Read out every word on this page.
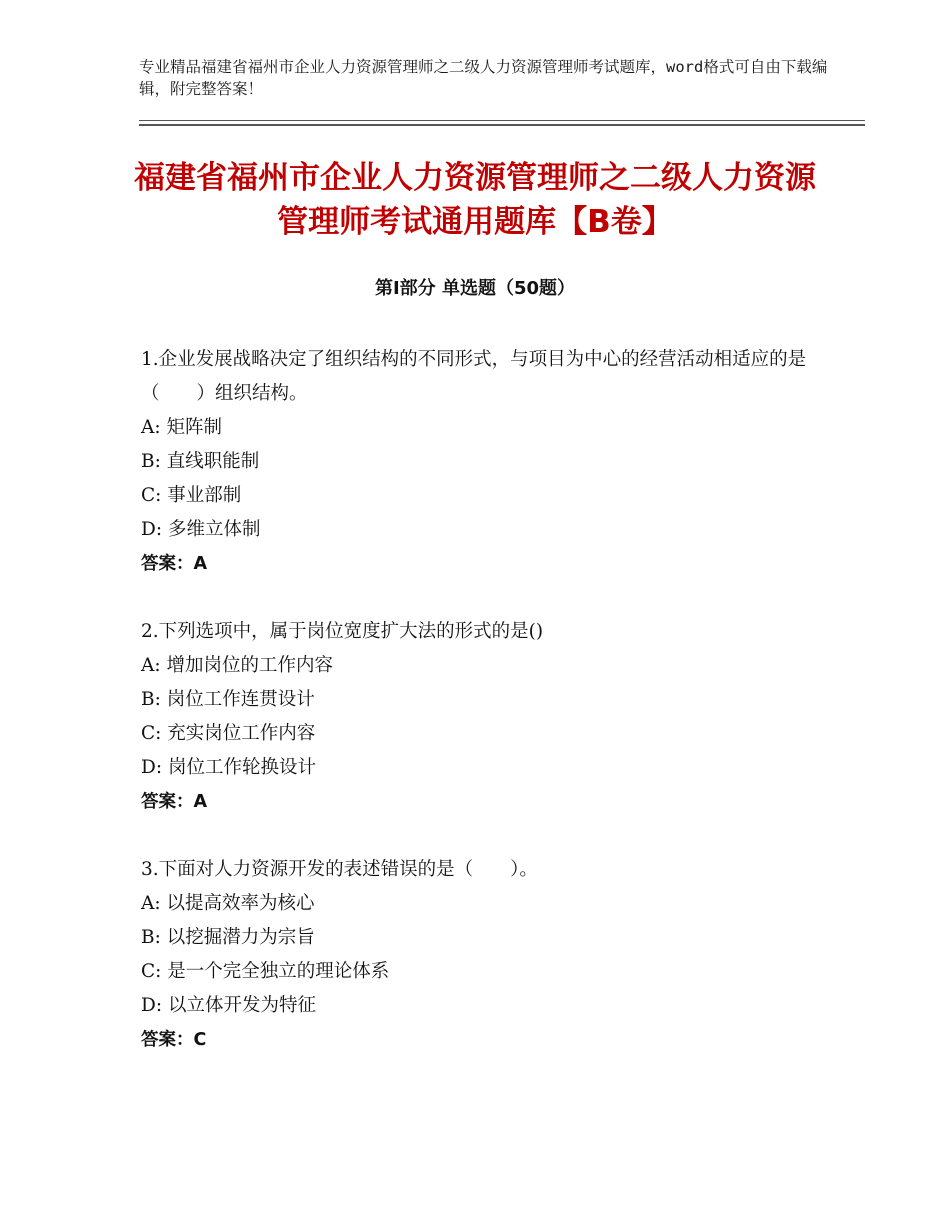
专业精品福建省福州市企业人力资源管理师之二级人力资源管理师考试题库，word格式可自由下载编辑，附完整答案！
福建省福州市企业人力资源管理师之二级人力资源管理师考试通用题库【B卷】
第Ⅰ部分 单选题（50题）

1.企业发展战略决定了组织结构的不同形式，与项目为中心的经营活动相适应的是（　　）组织结构。

A: 矩阵制

B: 直线职能制

C: 事业部制

D: 多维立体制

答案：A

2.下列选项中，属于岗位宽度扩大法的形式的是()

A: 增加岗位的工作内容

B: 岗位工作连贯设计

C: 充实岗位工作内容

D: 岗位工作轮换设计

答案：A

3.下面对人力资源开发的表述错误的是（　　）。

A: 以提高效率为核心

B: 以挖掘潜力为宗旨

C: 是一个完全独立的理论体系

D: 以立体开发为特征

答案：C
